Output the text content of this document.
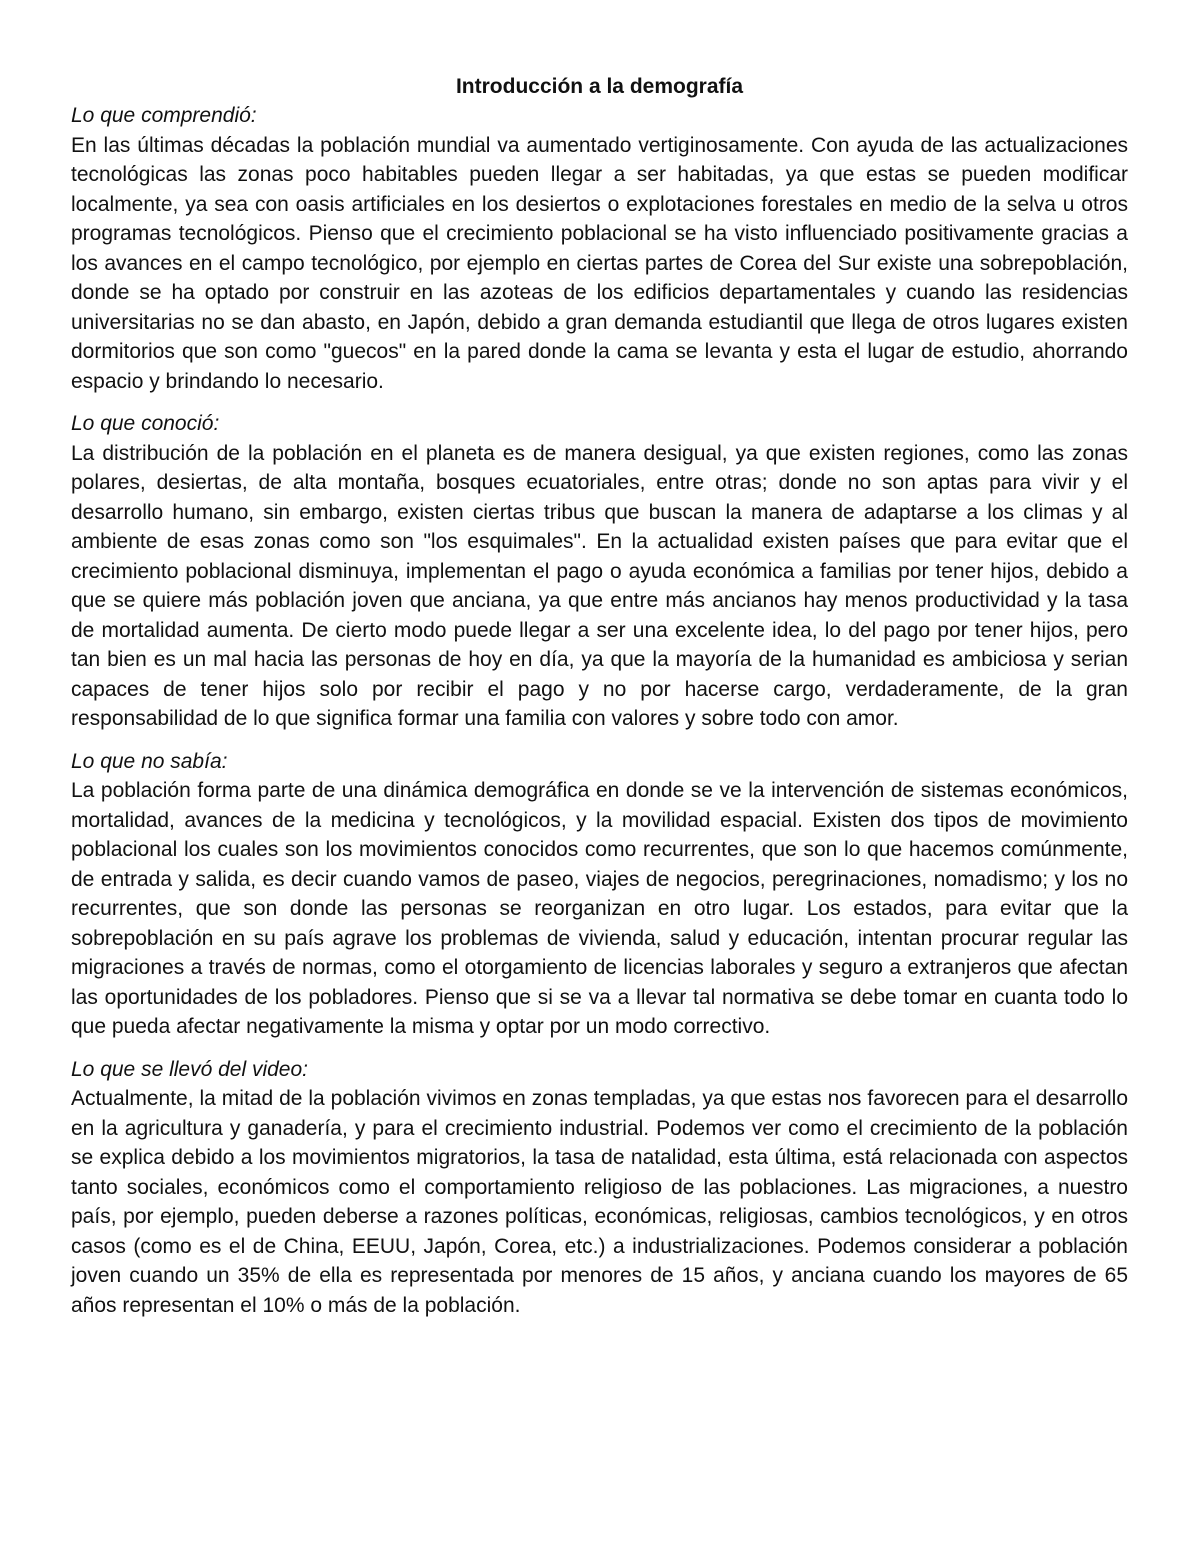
Introducción a la demografía

Lo que comprendió:

En las últimas décadas la población mundial va aumentado vertiginosamente. Con ayuda de las actualizaciones tecnológicas las zonas poco habitables pueden llegar a ser habitadas, ya que estas se pueden modificar localmente, ya sea con oasis artificiales en los desiertos o explotaciones forestales en medio de la selva u otros programas tecnológicos. Pienso que el crecimiento poblacional se ha visto influenciado positivamente gracias a los avances en el campo tecnológico, por ejemplo en ciertas partes de Corea del Sur existe una sobrepoblación, donde se ha optado por construir en las azoteas de los edificios departamentales y cuando las residencias universitarias no se dan abasto, en Japón, debido a gran demanda estudiantil que llega de otros lugares existen dormitorios que son como "guecos" en la pared donde la cama se levanta y esta el lugar de estudio, ahorrando espacio y brindando lo necesario.

Lo que conoció:

La distribución de la población en el planeta es de manera desigual, ya que existen regiones, como las zonas polares, desiertas, de alta montaña, bosques ecuatoriales, entre otras; donde no son aptas para vivir y el desarrollo humano, sin embargo, existen ciertas tribus que buscan la manera de adaptarse a los climas y al ambiente de esas zonas como son "los esquimales". En la actualidad existen países que para evitar que el crecimiento poblacional disminuya, implementan el pago o ayuda económica a familias por tener hijos, debido a que se quiere más población joven que anciana, ya que entre más ancianos hay menos productividad y la tasa de mortalidad aumenta. De cierto modo puede llegar a ser una excelente idea, lo del pago por tener hijos, pero tan bien es un mal hacia las personas de hoy en día, ya que la mayoría de la humanidad es ambiciosa y serian capaces de tener hijos solo por recibir el pago y no por hacerse cargo, verdaderamente, de la gran responsabilidad de lo que significa formar una familia con valores y sobre todo con amor.

Lo que no sabía:

La población forma parte de una dinámica demográfica en donde se ve la intervención de sistemas económicos, mortalidad, avances de la medicina y tecnológicos, y la movilidad espacial. Existen dos tipos de movimiento poblacional los cuales son los movimientos conocidos como recurrentes, que son lo que hacemos comúnmente, de entrada y salida, es decir cuando vamos de paseo, viajes de negocios, peregrinaciones, nomadismo; y los no recurrentes, que son donde las personas se reorganizan en otro lugar. Los estados, para evitar que la sobrepoblación en su país agrave los problemas de vivienda, salud y educación, intentan procurar regular las migraciones a través de normas, como el otorgamiento de licencias laborales y seguro a extranjeros que afectan las oportunidades de los pobladores. Pienso que si se va a llevar tal normativa se debe tomar en cuanta todo lo que pueda afectar negativamente la misma y optar por un modo correctivo.

Lo que se llevó del video:

Actualmente, la mitad de la población vivimos en zonas templadas, ya que estas nos favorecen para el desarrollo en la agricultura y ganadería, y para el crecimiento industrial. Podemos ver como el crecimiento de la población se explica debido a los movimientos migratorios, la tasa de natalidad, esta última, está relacionada con aspectos tanto sociales, económicos como el comportamiento religioso de las poblaciones. Las migraciones, a nuestro país, por ejemplo, pueden deberse a razones políticas, económicas, religiosas, cambios tecnológicos, y en otros casos (como es el de China, EEUU, Japón, Corea, etc.) a industrializaciones. Podemos considerar a población joven cuando un 35% de ella es representada por menores de 15 años, y anciana cuando los mayores de 65 años representan el 10% o más de la población.
